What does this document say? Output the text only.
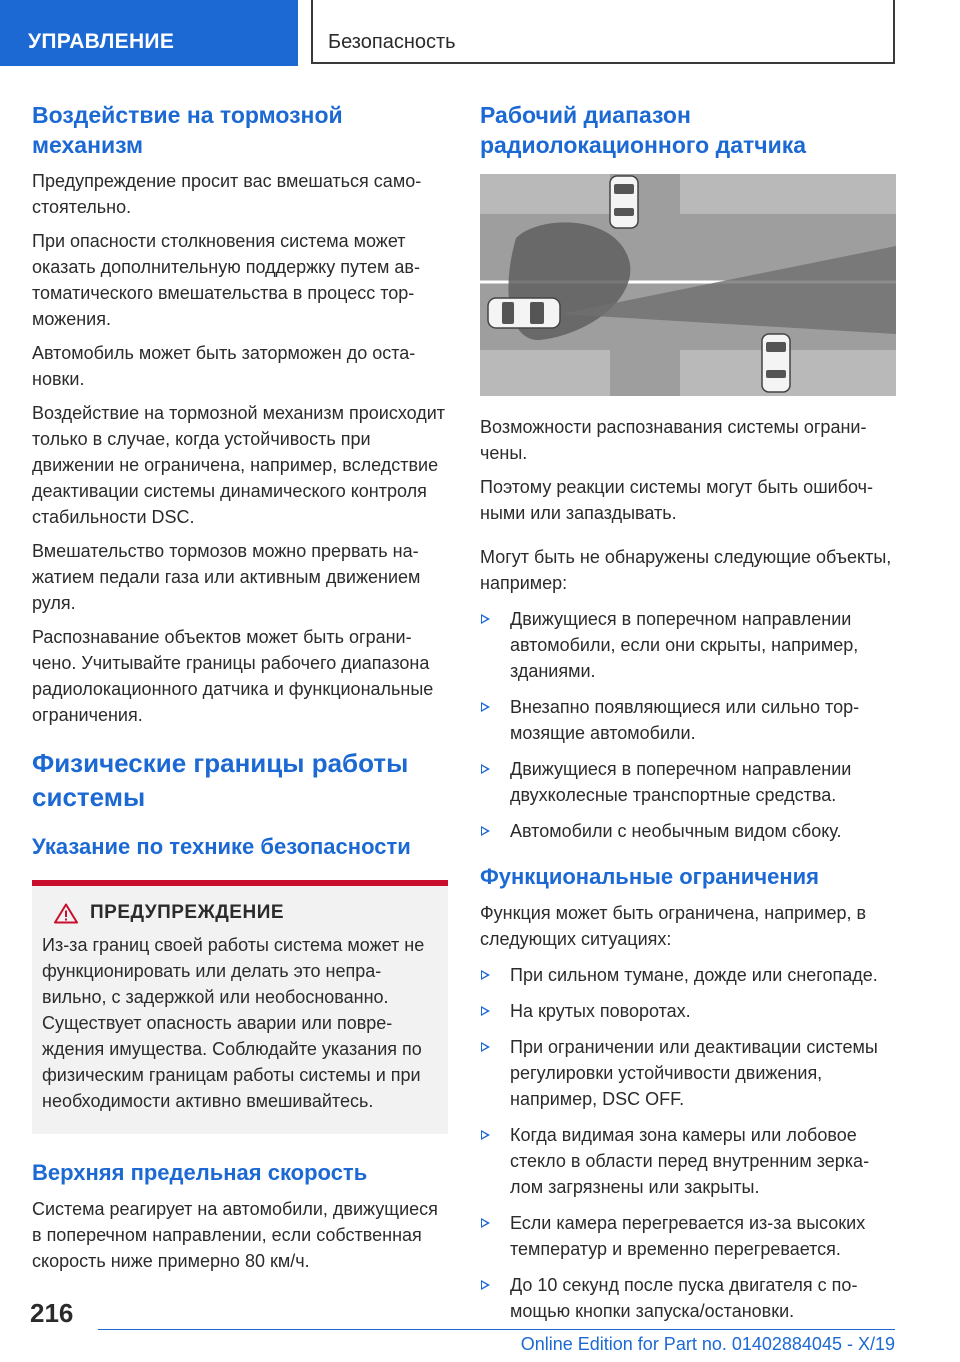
УПРАВЛЕНИЕ	Безопасность
Воздействие на тормозной механизм

Предупреждение просит вас вмешаться самостоятельно.

При опасности столкновения система может оказать дополнительную поддержку путем автоматического вмешательства в процесс торможения.

Автомобиль может быть заторможен до остановки.

Воздействие на тормозной механизм происходит только в случае, когда устойчивость при движении не ограничена, например, вследствие деактивации системы динамического контроля стабильности DSC.

Вмешательство тормозов можно прервать нажатием педали газа или активным движением руля.

Распознавание объектов может быть ограничено. Учитывайте границы рабочего диапазона радиолокационного датчика и функциональные ограничения.

Физические границы работы системы
Указание по технике безопасности
ПРЕДУПРЕЖДЕНИЕ

Из-за границ своей работы система может не функционировать или делать это неправильно, с задержкой или необоснованно. Существует опасность аварии или повреждения имущества. Соблюдайте указания по физическим границам работы системы и при необходимости активно вмешивайтесь.

Верхняя предельная скорость

Система реагирует на автомобили, движущиеся в поперечном направлении, если собственная скорость ниже примерно 80 км/ч.

Рабочий диапазон радиолокационного датчика

Возможности распознавания системы ограничены.

Поэтому реакции системы могут быть ошибочными или запаздывать.

Могут быть не обнаружены следующие объекты, например:

Движущиеся в поперечном направлении автомобили, если они скрыты, например, зданиями.
Внезапно появляющиеся или сильно тормозящие автомобили.
Движущиеся в поперечном направлении двухколесные транспортные средства.
Автомобили с необычным видом сбоку.
Функциональные ограничения

Функция может быть ограничена, например, в следующих ситуациях:

При сильном тумане, дожде или снегопаде.
На крутых поворотах.
При ограничении или деактивации системы регулировки устойчивости движения, например, DSC OFF.
Когда видимая зона камеры или лобовое стекло в области перед внутренним зеркалом загрязнены или закрыты.
Если камера перегревается из-за высоких температур и временно перегревается.
До 10 секунд после пуска двигателя с помощью кнопки запуска/остановки.
216
Online Edition for Part no. 01402884045 - X/19
